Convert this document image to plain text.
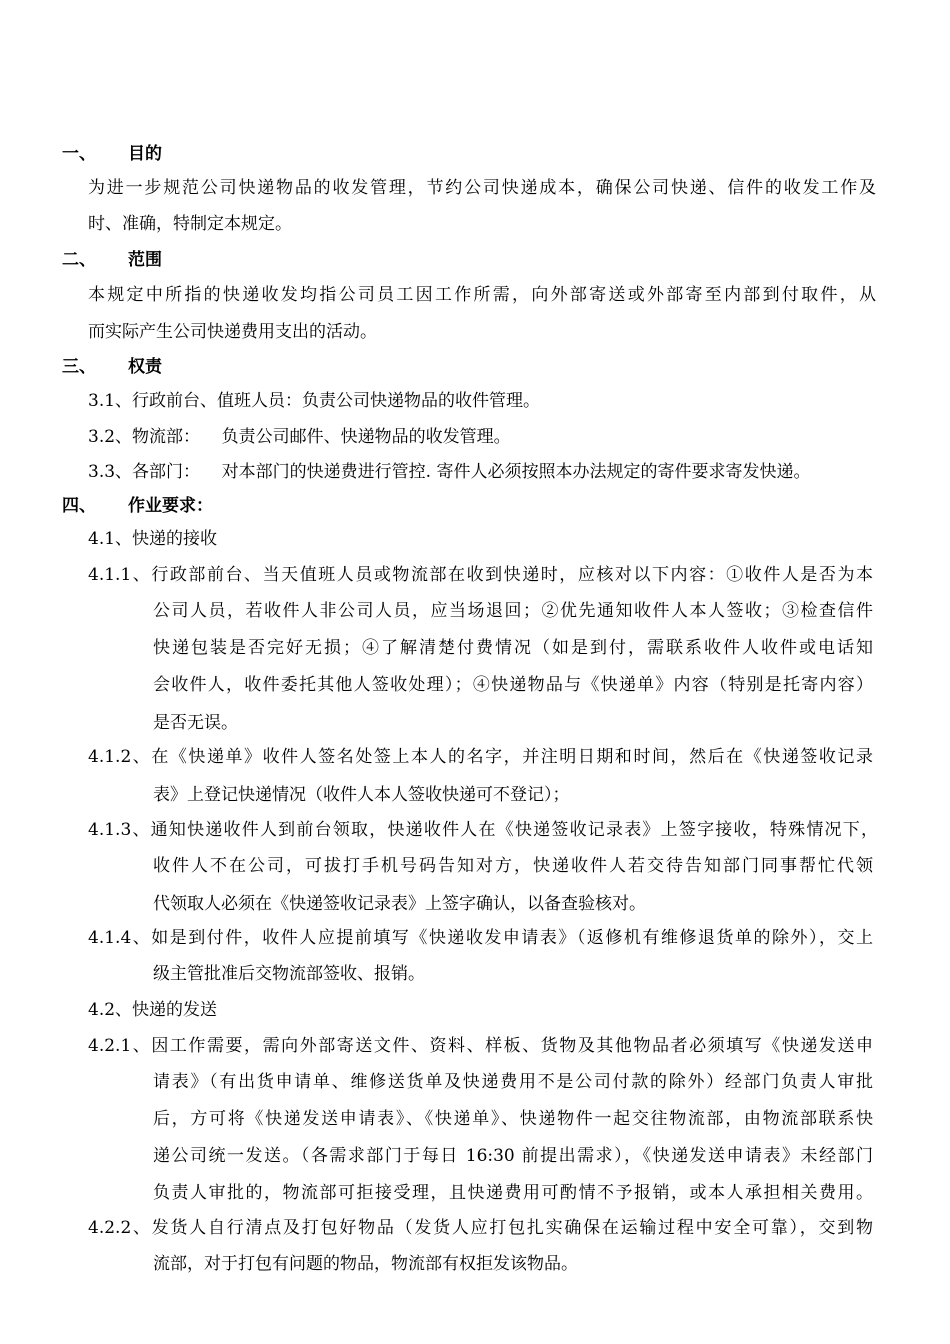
一、 目的
为进一步规范公司快递物品的收发管理，节约公司快递成本，确保公司快递、信件的收发工作及
时、准确，特制定本规定。
二、 范围
本规定中所指的快递收发均指公司员工因工作所需，向外部寄送或外部寄至内部到付取件，从
而实际产生公司快递费用支出的活动。
三、 权责
3.1、行政前台、值班人员：负责公司快递物品的收件管理。
3.2、物流部：    负责公司邮件、快递物品的收发管理。
3.3、各部门：    对本部门的快递费进行管控. 寄件人必须按照本办法规定的寄件要求寄发快递。
四、 作业要求：
4.1、快递的接收
4.1.1、行政部前台、当天值班人员或物流部在收到快递时，应核对以下内容：①收件人是否为本
公司人员，若收件人非公司人员，应当场退回；②优先通知收件人本人签收；③检查信件
快递包装是否完好无损；④了解清楚付费情况（如是到付，需联系收件人收件或电话知
会收件人，收件委托其他人签收处理）；④快递物品与《快递单》内容（特别是托寄内容）
是否无误。
4.1.2、在《快递单》收件人签名处签上本人的名字，并注明日期和时间，然后在《快递签收记录
表》上登记快递情况（收件人本人签收快递可不登记）；
4.1.3、通知快递收件人到前台领取，快递收件人在《快递签收记录表》上签字接收，特殊情况下，
收件人不在公司，可拔打手机号码告知对方，快递收件人若交待告知部门同事帮忙代领
代领取人必须在《快递签收记录表》上签字确认，以备查验核对。
4.1.4、如是到付件，收件人应提前填写《快递收发申请表》（返修机有维修退货单的除外），交上
级主管批准后交物流部签收、报销。
4.2、快递的发送
4.2.1、因工作需要，需向外部寄送文件、资料、样板、货物及其他物品者必须填写《快递发送申
请表》（有出货申请单、维修送货单及快递费用不是公司付款的除外）经部门负责人审批
后，方可将《快递发送申请表》、《快递单》、快递物件一起交往物流部，由物流部联系快
递公司统一发送。（各需求部门于每日 16:30 前提出需求），《快递发送申请表》未经部门
负责人审批的，物流部可拒接受理，且快递费用可酌情不予报销，或本人承担相关费用。
4.2.2、发货人自行清点及打包好物品（发货人应打包扎实确保在运输过程中安全可靠），交到物
流部，对于打包有问题的物品，物流部有权拒发该物品。
